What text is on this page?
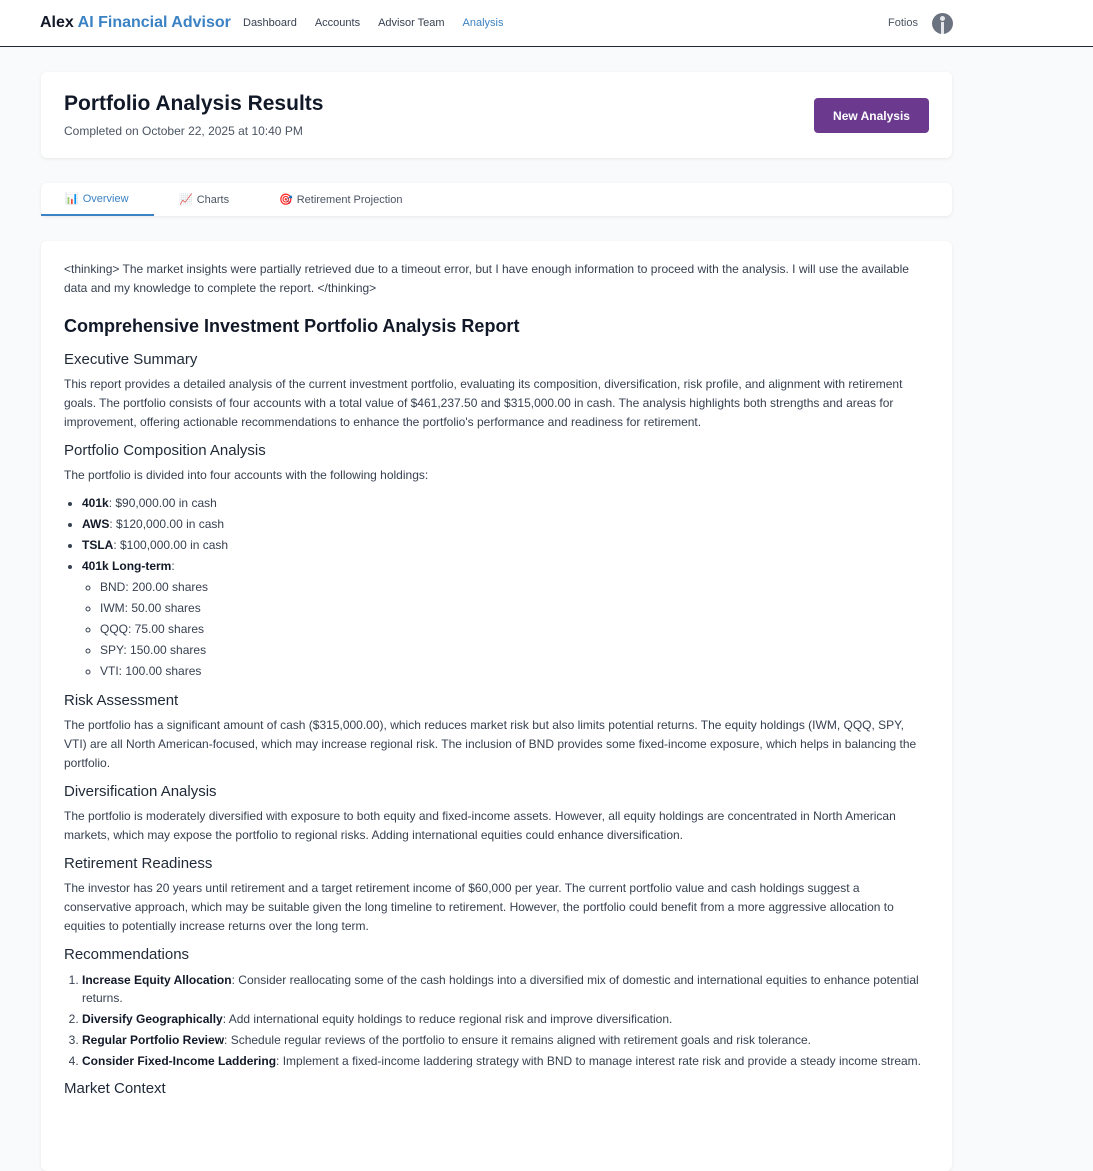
Alex AI Financial Advisor Dashboard Accounts Advisor Team Analysis	Fotios
Portfolio Analysis Results
Completed on October 22, 2025 at 10:40 PM
New Analysis
📊 Overview	📈 Charts	🎯 Retirement Projection

<thinking> The market insights were partially retrieved due to a timeout error, but I have enough information to proceed with the analysis. I will use the available data and my knowledge to complete the report. </thinking>

Comprehensive Investment Portfolio Analysis Report
Executive Summary

This report provides a detailed analysis of the current investment portfolio, evaluating its composition, diversification, risk profile, and alignment with retirement goals. The portfolio consists of four accounts with a total value of $461,237.50 and $315,000.00 in cash. The analysis highlights both strengths and areas for improvement, offering actionable recommendations to enhance the portfolio's performance and readiness for retirement.

Portfolio Composition Analysis

The portfolio is divided into four accounts with the following holdings:

• 401k: $90,000.00 in cash
• AWS: $120,000.00 in cash
• TSLA: $100,000.00 in cash
• 401k Long-term:
◦ BND: 200.00 shares
◦ IWM: 50.00 shares
◦ QQQ: 75.00 shares
◦ SPY: 150.00 shares
◦ VTI: 100.00 shares
Risk Assessment

The portfolio has a significant amount of cash ($315,000.00), which reduces market risk but also limits potential returns. The equity holdings (IWM, QQQ, SPY, VTI) are all North American-focused, which may increase regional risk. The inclusion of BND provides some fixed-income exposure, which helps in balancing the portfolio.

Diversification Analysis

The portfolio is moderately diversified with exposure to both equity and fixed-income assets. However, all equity holdings are concentrated in North American markets, which may expose the portfolio to regional risks. Adding international equities could enhance diversification.

Retirement Readiness

The investor has 20 years until retirement and a target retirement income of $60,000 per year. The current portfolio value and cash holdings suggest a conservative approach, which may be suitable given the long timeline to retirement. However, the portfolio could benefit from a more aggressive allocation to equities to potentially increase returns over the long term.

Recommendations
1. Increase Equity Allocation: Consider reallocating some of the cash holdings into a diversified mix of domestic and international equities to enhance potential returns.
2. Diversify Geographically: Add international equity holdings to reduce regional risk and improve diversification.
3. Regular Portfolio Review: Schedule regular reviews of the portfolio to ensure it remains aligned with retirement goals and risk tolerance.
4. Consider Fixed-Income Laddering: Implement a fixed-income laddering strategy with BND to manage interest rate risk and provide a steady income stream.
Market Context
